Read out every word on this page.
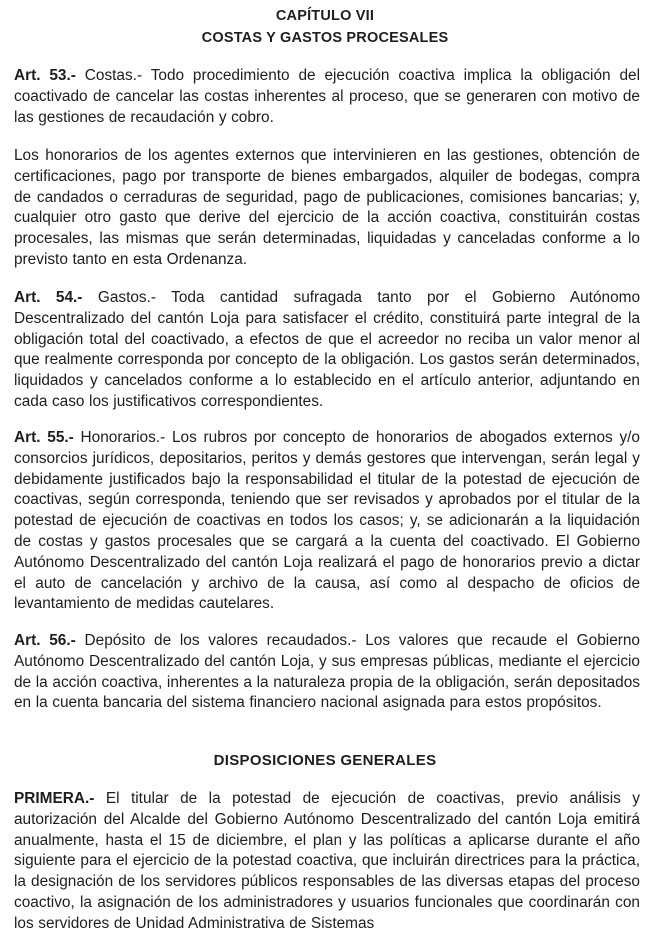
CAPÍTULO VII
COSTAS Y GASTOS PROCESALES

Art. 53.- Costas.- Todo procedimiento de ejecución coactiva implica la obligación del coactivado de cancelar las costas inherentes al proceso, que se generaren con motivo de las gestiones de recaudación y cobro.

Los honorarios de los agentes externos que intervinieren en las gestiones, obtención de certificaciones, pago por transporte de bienes embargados, alquiler de bodegas, compra de candados o cerraduras de seguridad, pago de publicaciones, comisiones bancarias; y, cualquier otro gasto que derive del ejercicio de la acción coactiva, constituirán costas procesales, las mismas que serán determinadas, liquidadas y canceladas conforme a lo previsto tanto en esta Ordenanza.

Art. 54.- Gastos.- Toda cantidad sufragada tanto por el Gobierno Autónomo Descentralizado del cantón Loja para satisfacer el crédito, constituirá parte integral de la obligación total del coactivado, a efectos de que el acreedor no reciba un valor menor al que realmente corresponda por concepto de la obligación. Los gastos serán determinados, liquidados y cancelados conforme a lo establecido en el artículo anterior, adjuntando en cada caso los justificativos correspondientes.

Art. 55.- Honorarios.- Los rubros por concepto de honorarios de abogados externos y/o consorcios jurídicos, depositarios, peritos y demás gestores que intervengan, serán legal y debidamente justificados bajo la responsabilidad el titular de la potestad de ejecución de coactivas, según corresponda, teniendo que ser revisados y aprobados por el titular de la potestad de ejecución de coactivas en todos los casos; y, se adicionarán a la liquidación de costas y gastos procesales que se cargará a la cuenta del coactivado. El Gobierno Autónomo Descentralizado del cantón Loja realizará el pago de honorarios previo a dictar el auto de cancelación y archivo de la causa, así como al despacho de oficios de levantamiento de medidas cautelares.

Art. 56.- Depósito de los valores recaudados.- Los valores que recaude el Gobierno Autónomo Descentralizado del cantón Loja, y sus empresas públicas, mediante el ejercicio de la acción coactiva, inherentes a la naturaleza propia de la obligación, serán depositados en la cuenta bancaria del sistema financiero nacional asignada para estos propósitos.

DISPOSICIONES GENERALES

PRIMERA.- El titular de la potestad de ejecución de coactivas, previo análisis y autorización del Alcalde del Gobierno Autónomo Descentralizado del cantón Loja emitirá anualmente, hasta el 15 de diciembre, el plan y las políticas a aplicarse durante el año siguiente para el ejercicio de la potestad coactiva, que incluirán directrices para la práctica, la designación de los servidores públicos responsables de las diversas etapas del proceso coactivo, la asignación de los administradores y usuarios funcionales que coordinarán con los servidores de Unidad Administrativa de Sistemas
